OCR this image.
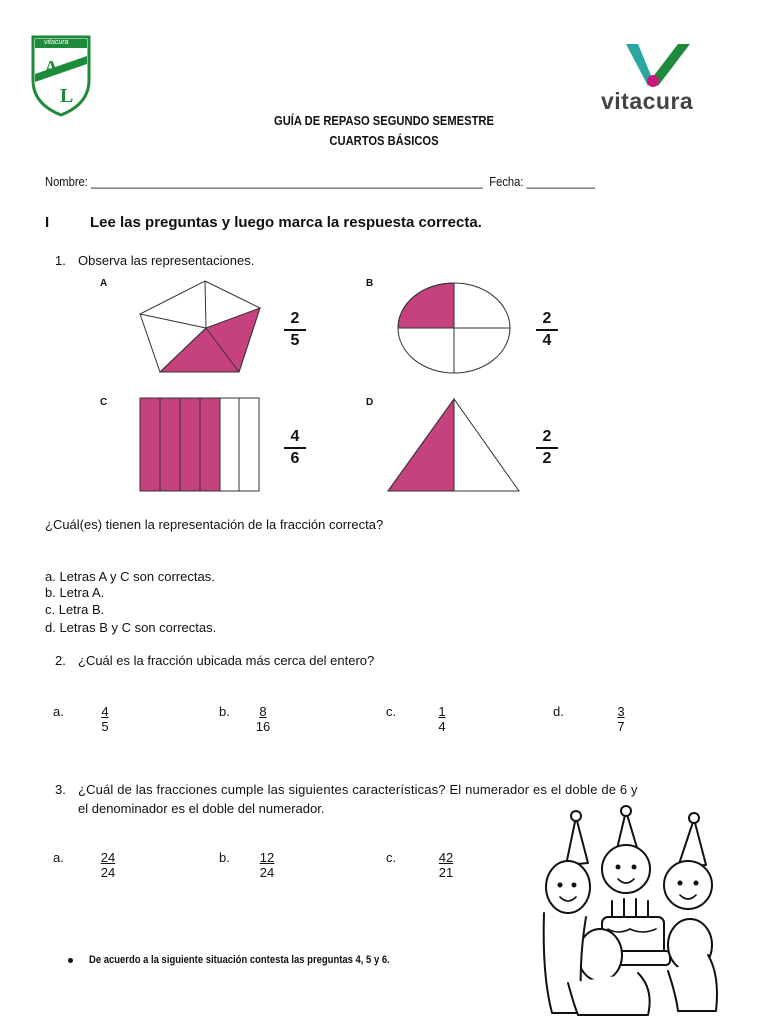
A
L
vitacura
vitacura
GUÍA DE REPASO SEGUNDO SEMESTRE
CUARTOS BÁSICOS
Nombre: _______________________________________________________________ Fecha: ___________
I	Lee las preguntas y luego marca la respuesta correcta.
1. Observa las representaciones.
A
2
5
B
2
4
C
4
6
D
2
2
¿Cuál(es) tienen la representación de la fracción correcta?
a. Letras A y C son correctas.
b. Letra A.
c. Letra B.
d. Letras B y C son correctas.
2. ¿Cuál es la fracción ubicada más cerca del entero?
a.	$\frac{4}{5}$	b. $\frac{8}{16}$	c.	$\frac{1}{4}$	d.	$\frac{3}{7}$
3. ¿Cuál de las fracciones cumple las siguientes características? El numerador es el doble de 6 y
el denominador es el doble del numerador.
a.	$\frac{24}{24}$	b. $\frac{12}{24}$	c.	$\frac{42}{21}$
De acuerdo a la siguiente situación contesta las preguntas 4, 5 y 6.
